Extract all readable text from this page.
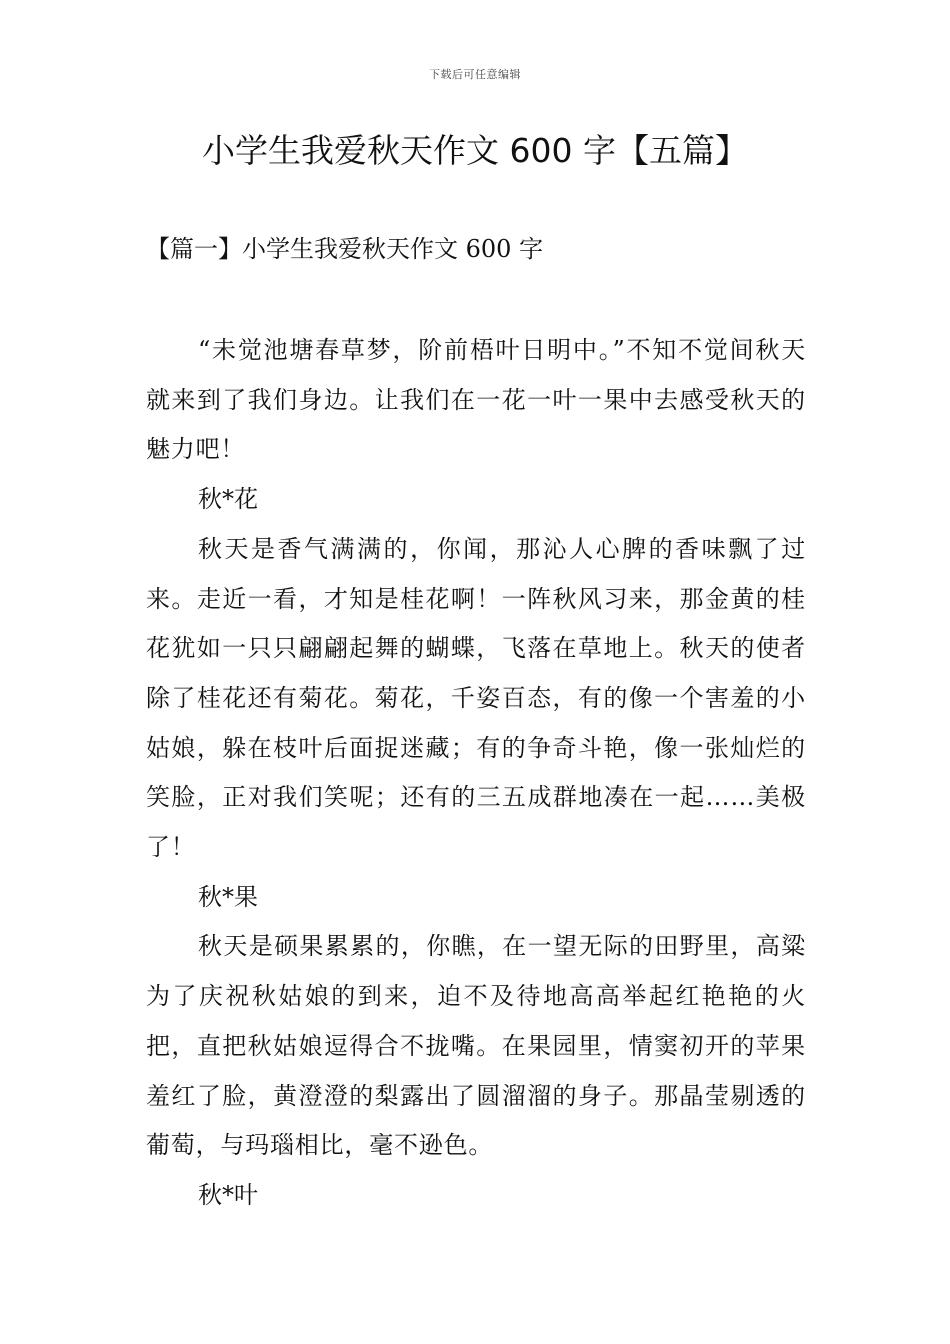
下载后可任意编辑
小学生我爱秋天作文 600 字【五篇】
【篇一】小学生我爱秋天作文 600 字

“未觉池塘春草梦，阶前梧叶日明中。”不知不觉间秋天就来到了我们身边。让我们在一花一叶一果中去感受秋天的魅力吧！

秋*花

秋天是香气满满的，你闻，那沁人心脾的香味飘了过来。走近一看，才知是桂花啊！一阵秋风习来，那金黄的桂花犹如一只只翩翩起舞的蝴蝶，飞落在草地上。秋天的使者除了桂花还有菊花。菊花，千姿百态，有的像一个害羞的小姑娘，躲在枝叶后面捉迷藏；有的争奇斗艳，像一张灿烂的笑脸，正对我们笑呢；还有的三五成群地凑在一起……美极了！

秋*果

秋天是硕果累累的，你瞧，在一望无际的田野里，高粱为了庆祝秋姑娘的到来，迫不及待地高高举起红艳艳的火把，直把秋姑娘逗得合不拢嘴。在果园里，情窦初开的苹果羞红了脸，黄澄澄的梨露出了圆溜溜的身子。那晶莹剔透的葡萄，与玛瑙相比，毫不逊色。

秋*叶
